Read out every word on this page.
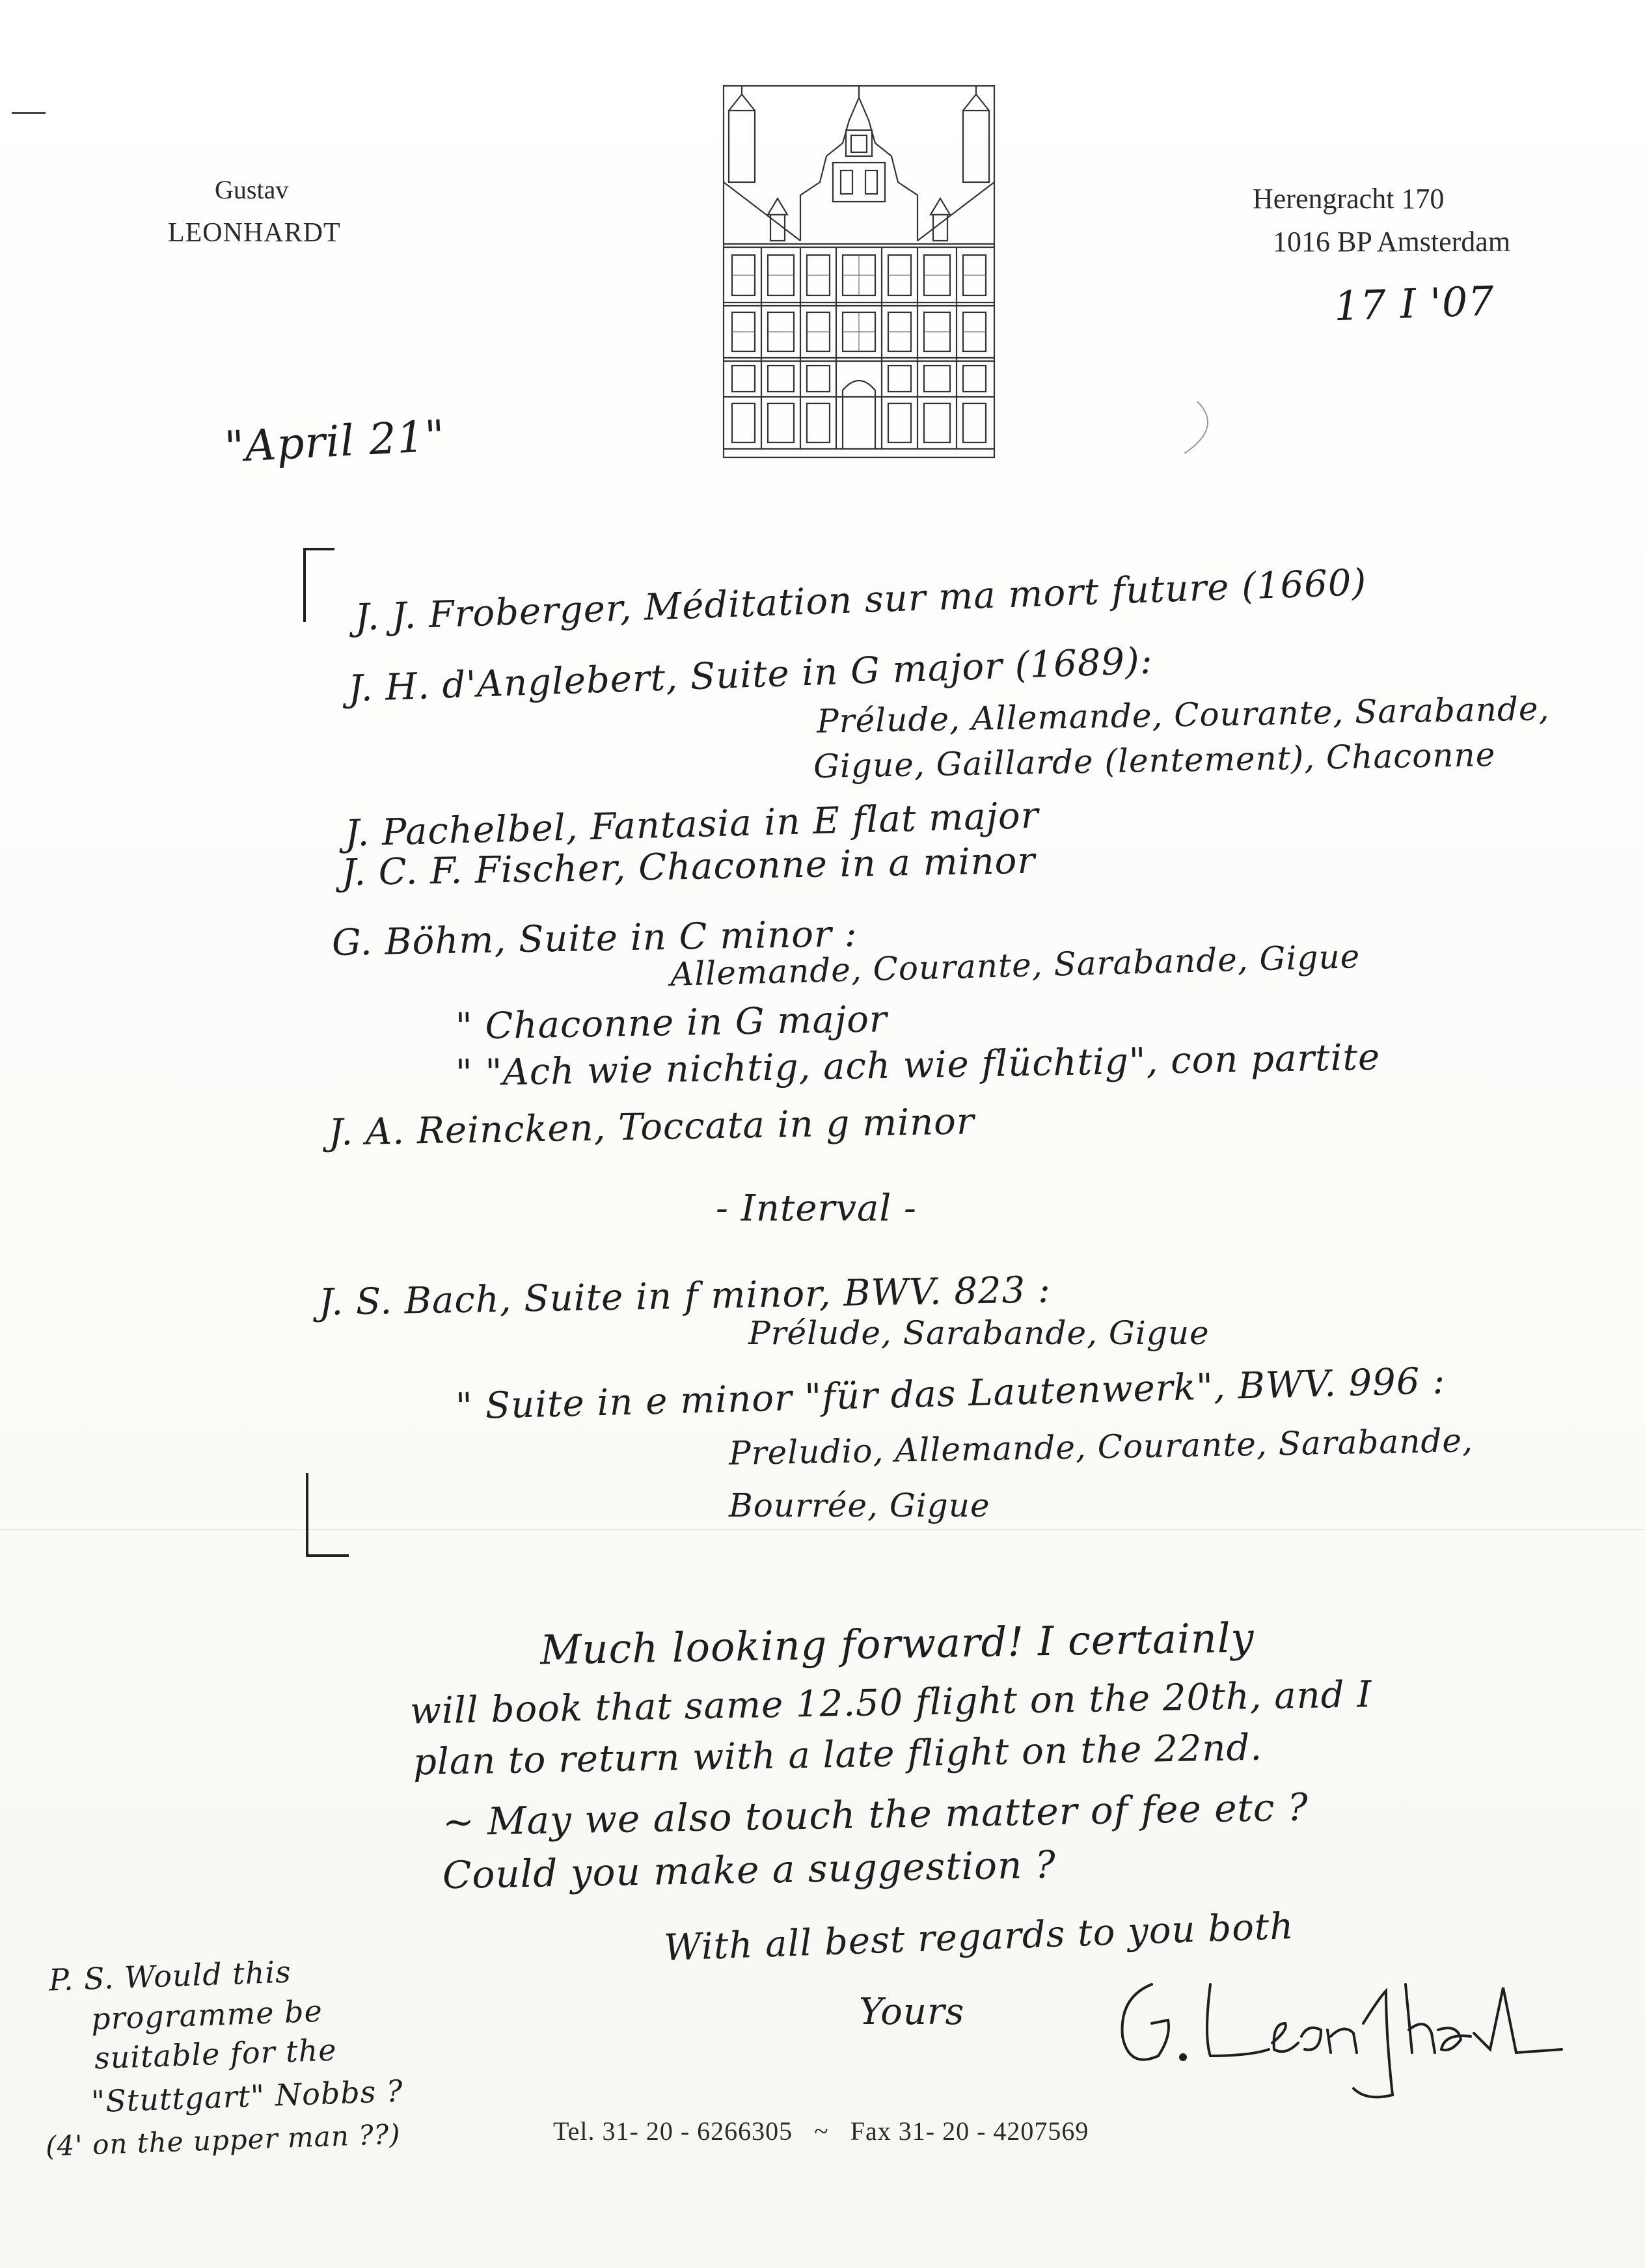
Gustav
LEONHARDT
Herengracht 170
1016 BP Amsterdam
17 I '07
"April 21"
J. J. Froberger, Méditation sur ma mort future (1660)
J. H. d'Anglebert, Suite in G major (1689):
Prélude, Allemande, Courante, Sarabande,
Gigue, Gaillarde (lentement), Chaconne
J. Pachelbel, Fantasia in E flat major
J. C. F. Fischer, Chaconne in a minor
G. Böhm, Suite in C minor :
Allemande, Courante, Sarabande, Gigue
" Chaconne in G major
" "Ach wie nichtig, ach wie flüchtig", con partite
J. A. Reincken, Toccata in g minor
- Interval -
J. S. Bach, Suite in f minor, BWV. 823 :
Prélude, Sarabande, Gigue
" Suite in e minor "für das Lautenwerk", BWV. 996 :
Preludio, Allemande, Courante, Sarabande,
Bourrée, Gigue
Much looking forward! I certainly
will book that same 12.50 flight on the 20th, and I
plan to return with a late flight on the 22nd.
~ May we also touch the matter of fee etc ?
Could you make a suggestion ?
With all best regards to you both
Yours
P. S. Would this
programme be
suitable for the
"Stuttgart" Nobbs ?
(4' on the upper man ??)	Tel. 31- 20 - 6266305   ~   Fax 31- 20 - 4207569
